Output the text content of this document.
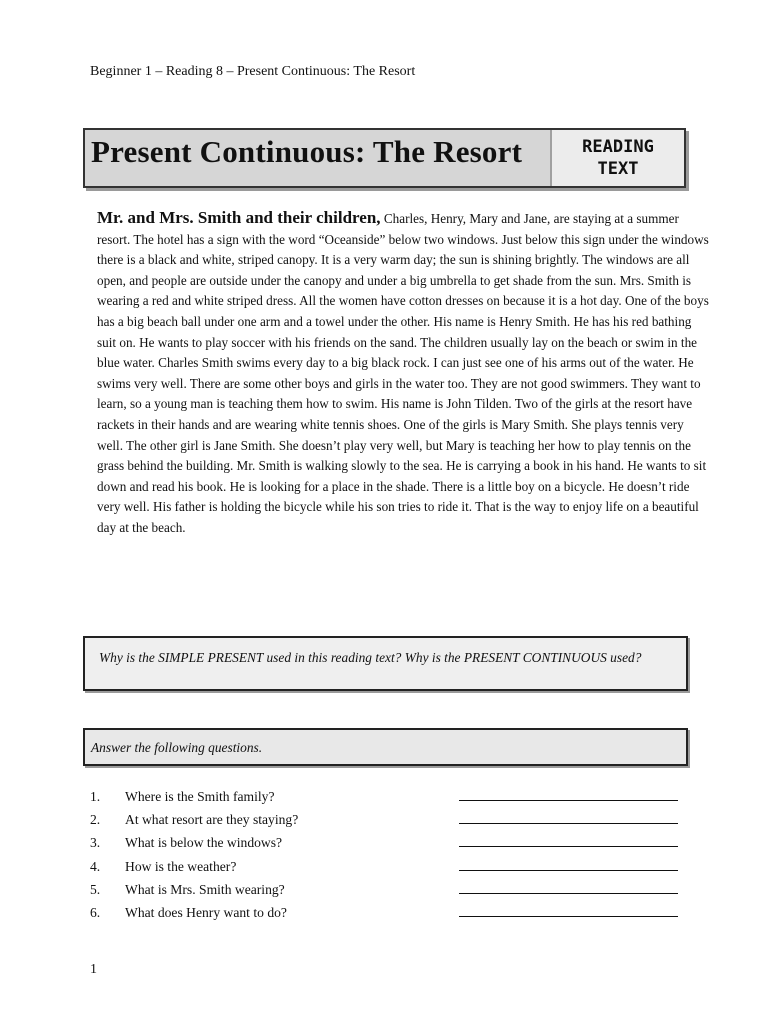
Beginner 1 – Reading 8 – Present Continuous: The Resort
Present Continuous: The Resort	READING
TEXT

Mr. and Mrs. Smith and their children, Charles, Henry, Mary and Jane, are staying at a summer resort. The hotel has a sign with the word “Oceanside” below two windows. Just below this sign under the windows there is a black and white, striped canopy. It is a very warm day; the sun is shining brightly. The windows are all open, and people are outside under the canopy and under a big umbrella to get shade from the sun. Mrs. Smith is wearing a red and white striped dress. All the women have cotton dresses on because it is a hot day. One of the boys has a big beach ball under one arm and a towel under the other. His name is Henry Smith. He has his red bathing suit on. He wants to play soccer with his friends on the sand. The children usually lay on the beach or swim in the blue water. Charles Smith swims every day to a big black rock. I can just see one of his arms out of the water. He swims very well. There are some other boys and girls in the water too. They are not good swimmers. They want to learn, so a young man is teaching them how to swim. His name is John Tilden. Two of the girls at the resort have rackets in their hands and are wearing white tennis shoes. One of the girls is Mary Smith. She plays tennis very well. The other girl is Jane Smith. She doesn’t play very well, but Mary is teaching her how to play tennis on the grass behind the building. Mr. Smith is walking slowly to the sea. He is carrying a book in his hand. He wants to sit down and read his book. He is looking for a place in the shade. There is a little boy on a bicycle. He doesn’t ride very well. His father is holding the bicycle while his son tries to ride it. That is the way to enjoy life on a beautiful day at the beach.

Why is the SIMPLE PRESENT used in this reading text? Why is the PRESENT CONTINUOUS used?
Answer the following questions.
1. Where is the Smith family?
2. At what resort are they staying?
3. What is below the windows?
4. How is the weather?
5. What is Mrs. Smith wearing?
6. What does Henry want to do?
1
